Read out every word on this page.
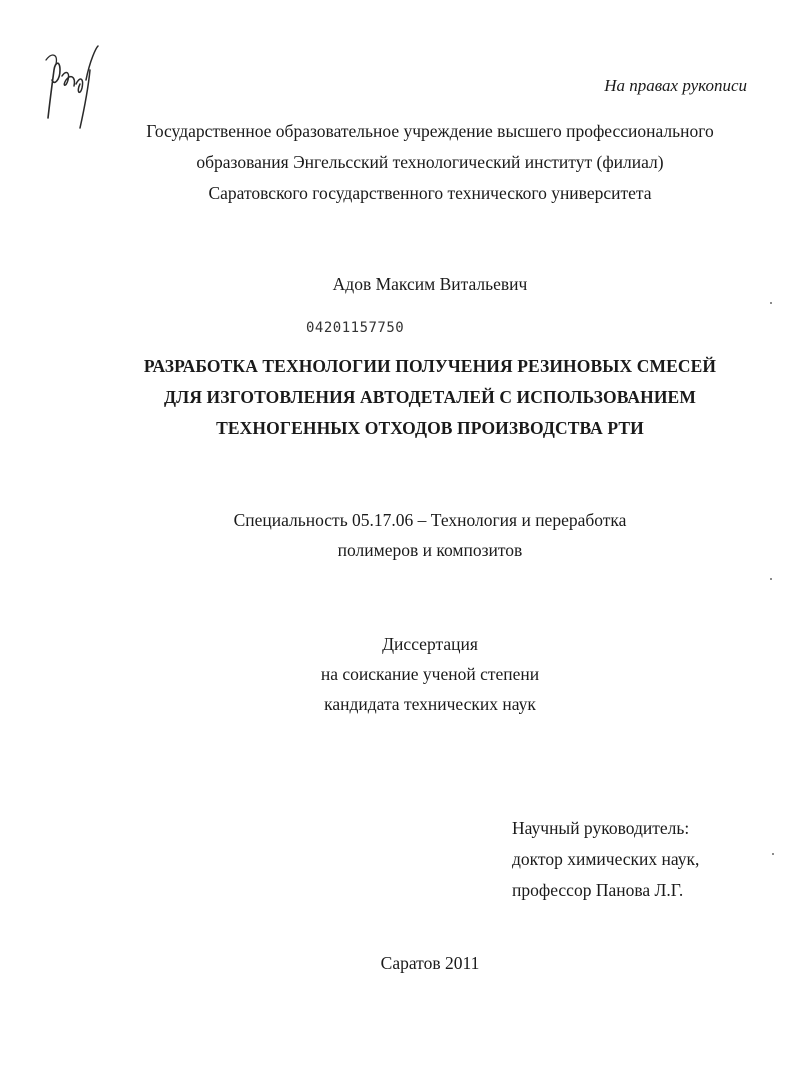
На правах рукописи
Государственное образовательное учреждение высшего профессионального
образования Энгельсский технологический институт (филиал)
Саратовского государственного технического университета
Адов Максим Витальевич
04201157750
РАЗРАБОТКА ТЕХНОЛОГИИ ПОЛУЧЕНИЯ РЕЗИНОВЫХ СМЕСЕЙ
ДЛЯ ИЗГОТОВЛЕНИЯ АВТОДЕТАЛЕЙ С ИСПОЛЬЗОВАНИЕМ
ТЕХНОГЕННЫХ ОТХОДОВ ПРОИЗВОДСТВА РТИ
Специальность 05.17.06 – Технология и переработка
полимеров и композитов
Диссертация
на соискание ученой степени
кандидата технических наук
Научный руководитель:
доктор химических наук,
профессор Панова Л.Г.
Саратов 2011
